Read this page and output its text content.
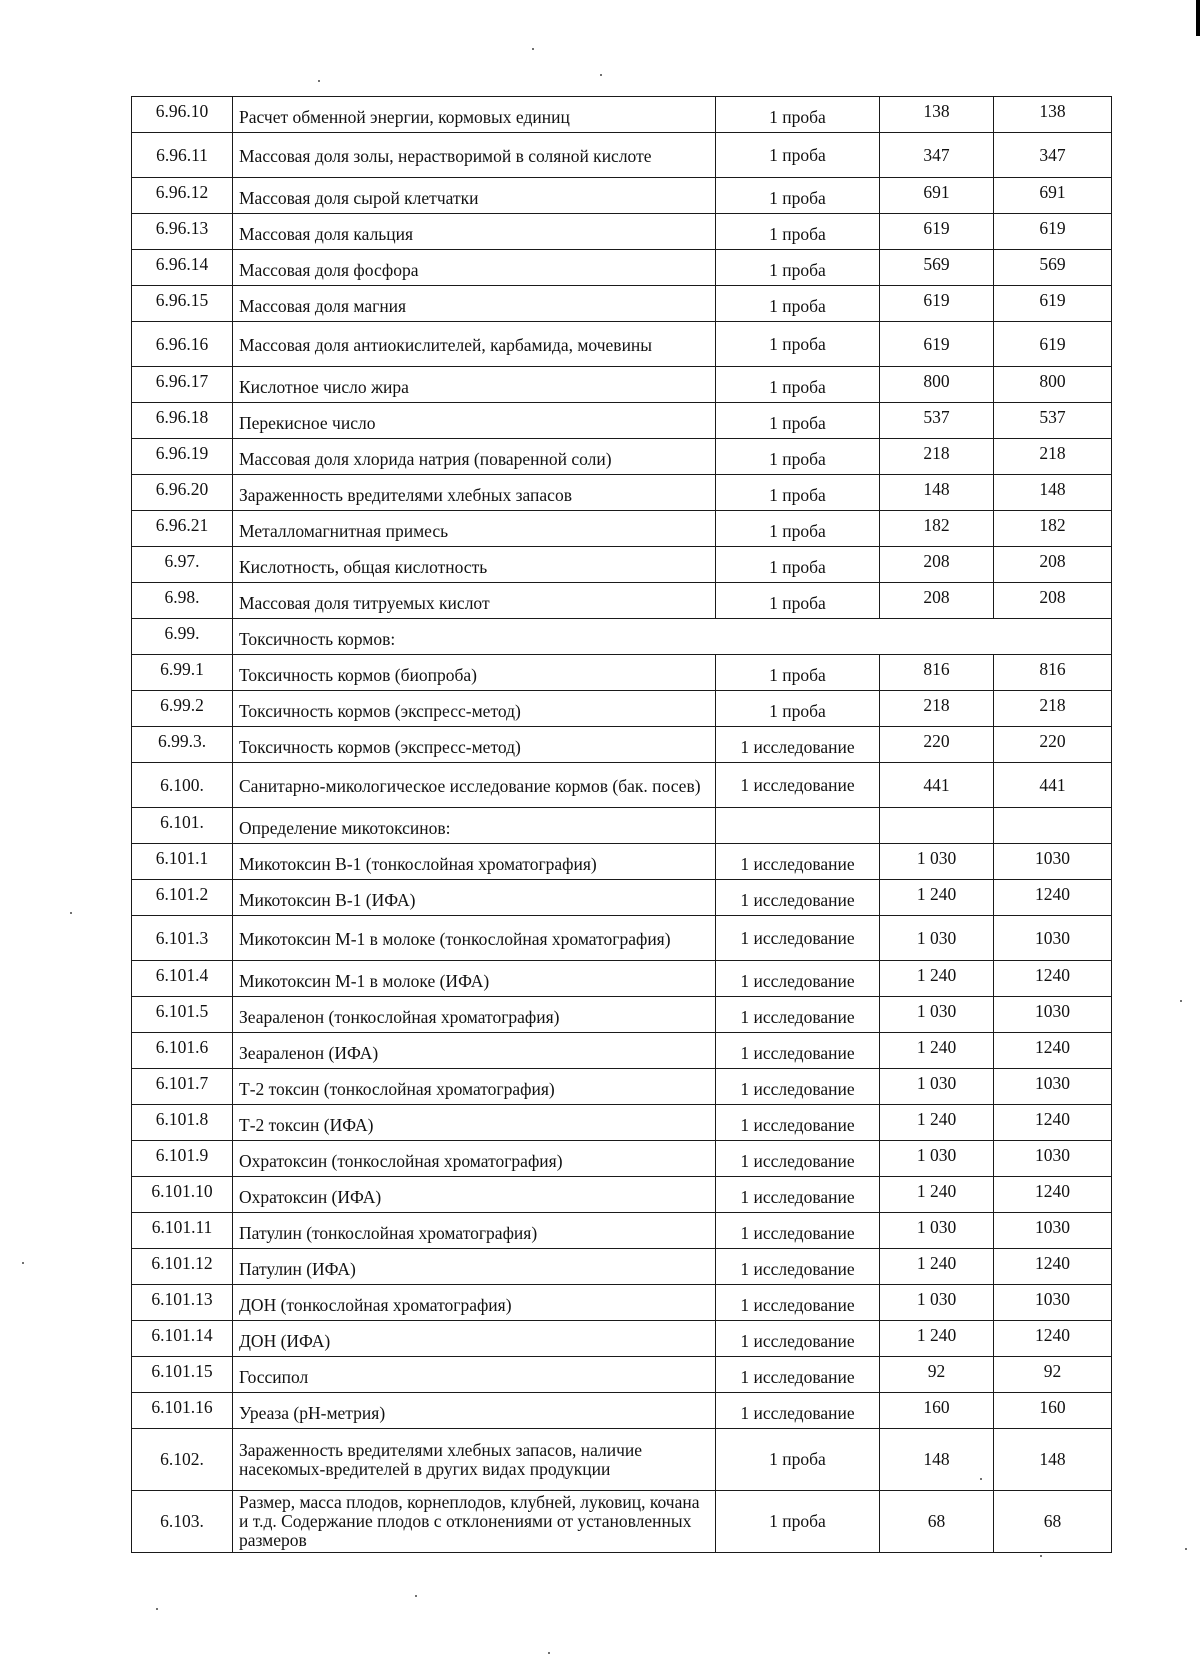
6.96.10	Расчет обменной энергии, кормовых единиц	1 проба	138	138
6.96.11	Массовая доля золы, нерастворимой в соляной кислоте	1 проба	347	347
6.96.12	Массовая доля сырой клетчатки	1 проба	691	691
6.96.13	Массовая доля кальция	1 проба	619	619
6.96.14	Массовая доля фосфора	1 проба	569	569
6.96.15	Массовая доля магния	1 проба	619	619
6.96.16	Массовая доля антиокислителей, карбамида, мочевины	1 проба	619	619
6.96.17	Кислотное число жира	1 проба	800	800
6.96.18	Перекисное число	1 проба	537	537
6.96.19	Массовая доля хлорида натрия (поваренной соли)	1 проба	218	218
6.96.20	Зараженность вредителями хлебных запасов	1 проба	148	148
6.96.21	Металломагнитная примесь	1 проба	182	182
6.97.	Кислотность, общая кислотность	1 проба	208	208
6.98.	Массовая доля титруемых кислот	1 проба	208	208
6.99.	Токсичность кормов:			
6.99.1	Токсичность кормов (биопроба)	1 проба	816	816
6.99.2	Токсичность кормов (экспресс-метод)	1 проба	218	218
6.99.3.	Токсичность кормов (экспресс-метод)	1 исследование	220	220
6.100.	Санитарно-микологическое исследование кормов (бак. посев)	1 исследование	441	441
6.101.	Определение микотоксинов:			
6.101.1	Микотоксин В-1 (тонкослойная хроматография)	1 исследование	1 030	1030
6.101.2	Микотоксин В-1 (ИФА)	1 исследование	1 240	1240
6.101.3	Микотоксин М-1 в молоке (тонкослойная хроматография)	1 исследование	1 030	1030
6.101.4	Микотоксин М-1 в молоке (ИФА)	1 исследование	1 240	1240
6.101.5	Зеараленон (тонкослойная хроматография)	1 исследование	1 030	1030
6.101.6	Зеараленон (ИФА)	1 исследование	1 240	1240
6.101.7	Т-2 токсин (тонкослойная хроматография)	1 исследование	1 030	1030
6.101.8	Т-2 токсин (ИФА)	1 исследование	1 240	1240
6.101.9	Охратоксин (тонкослойная хроматография)	1 исследование	1 030	1030
6.101.10	Охратоксин (ИФА)	1 исследование	1 240	1240
6.101.11	Патулин (тонкослойная хроматография)	1 исследование	1 030	1030
6.101.12	Патулин (ИФА)	1 исследование	1 240	1240
6.101.13	ДОН (тонкослойная хроматография)	1 исследование	1 030	1030
6.101.14	ДОН (ИФА)	1 исследование	1 240	1240
6.101.15	Госсипол	1 исследование	92	92
6.101.16	Уреаза (рН-метрия)	1 исследование	160	160
6.102.	Зараженность вредителями хлебных запасов, наличие насекомых-вредителей в других видах продукции	1 проба	148	148
6.103.	Размер, масса плодов, корнеплодов, клубней, луковиц, кочана и т.д. Содержание плодов с отклонениями от установленных размеров	1 проба	68	68
